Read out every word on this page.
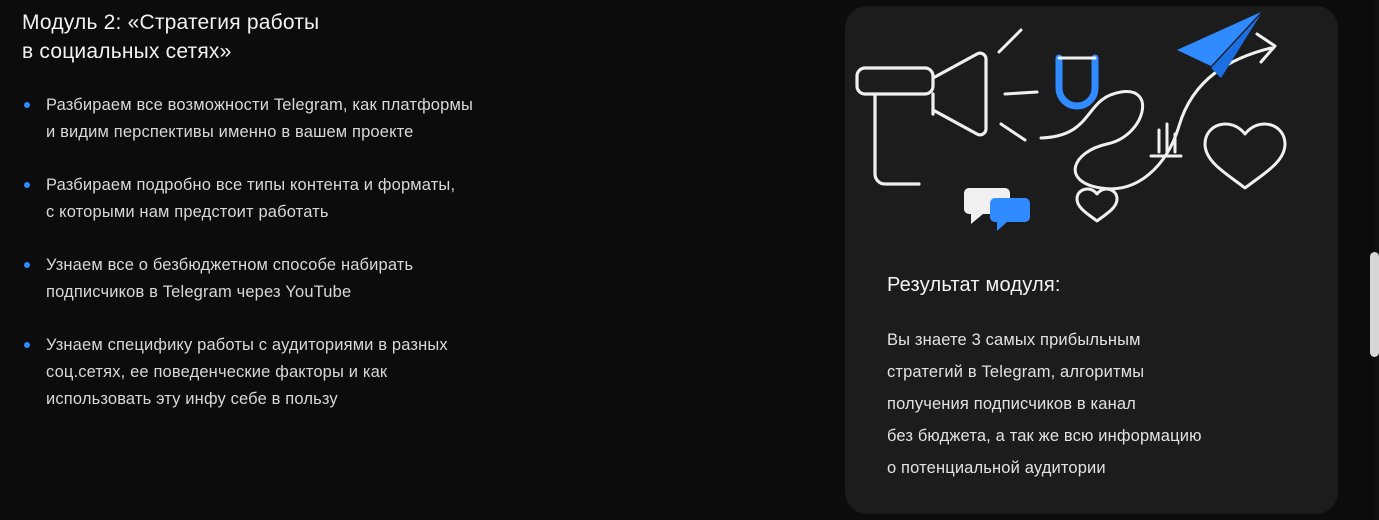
Модуль 2: «Стратегия работы
в социальных сетях»
Разбираем все возможности Telegram, как платформы
и видим перспективы именно в вашем проекте
Разбираем подробно все типы контента и форматы,
с которыми нам предстоит работать
Узнаем все о безбюджетном способе набирать
подписчиков в Telegram через YouTube
Узнаем специфику работы с аудиториями в разных
соц.сетях, ее поведенческие факторы и как
использовать эту инфу себе в пользу
Результат модуля:
Вы знаете 3 самых прибыльным
стратегий в Telegram, алгоритмы
получения подписчиков в канал
без бюджета, а так же всю информацию
о потенциальной аудитории
